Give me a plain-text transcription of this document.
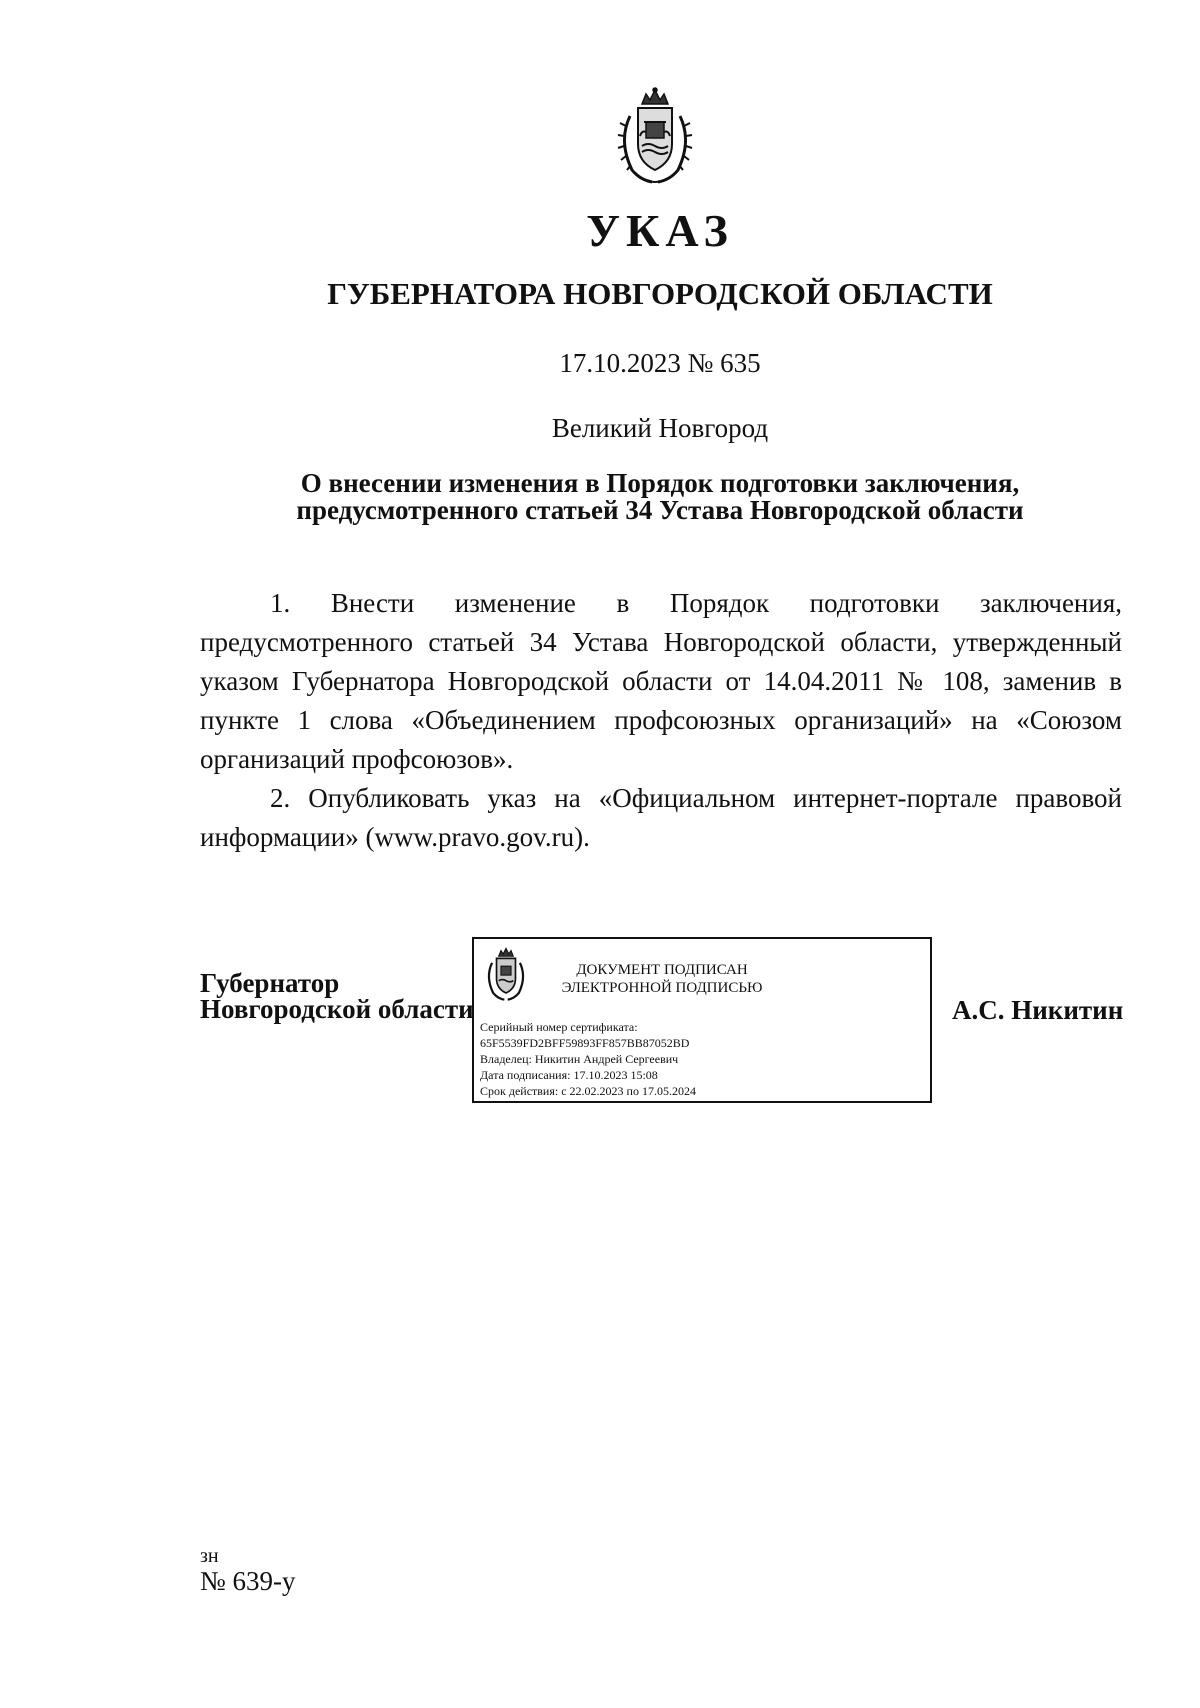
УКАЗ
ГУБЕРНАТОРА НОВГОРОДСКОЙ ОБЛАСТИ
17.10.2023 № 635
Великий Новгород
О внесении изменения в Порядок подготовки заключения,
предусмотренного статьей 34 Устава Новгородской области

1. Внести изменение в Порядок подготовки заключения, предусмотренного статьей 34 Устава Новгородской области, утвержденный указом Губернатора Новгородской области от 14.04.2011 № 108, заменив в пункте 1 слова «Объединением профсоюзных организаций» на «Союзом организаций профсоюзов».

2. Опубликовать указ на «Официальном интернет-портале правовой информации» (www.pravo.gov.ru).

Губернатор
Новгородской области
ДОКУМЕНТ ПОДПИСАН
ЭЛЕКТРОННОЙ ПОДПИСЬЮ
Серийный номер сертификата:
65F5539FD2BFF59893FF857BB87052BD
Владелец: Никитин Андрей Сергеевич
Дата подписания: 17.10.2023 15:08
Срок действия: с 22.02.2023 по 17.05.2024
А.С. Никитин
зн
№ 639-у
